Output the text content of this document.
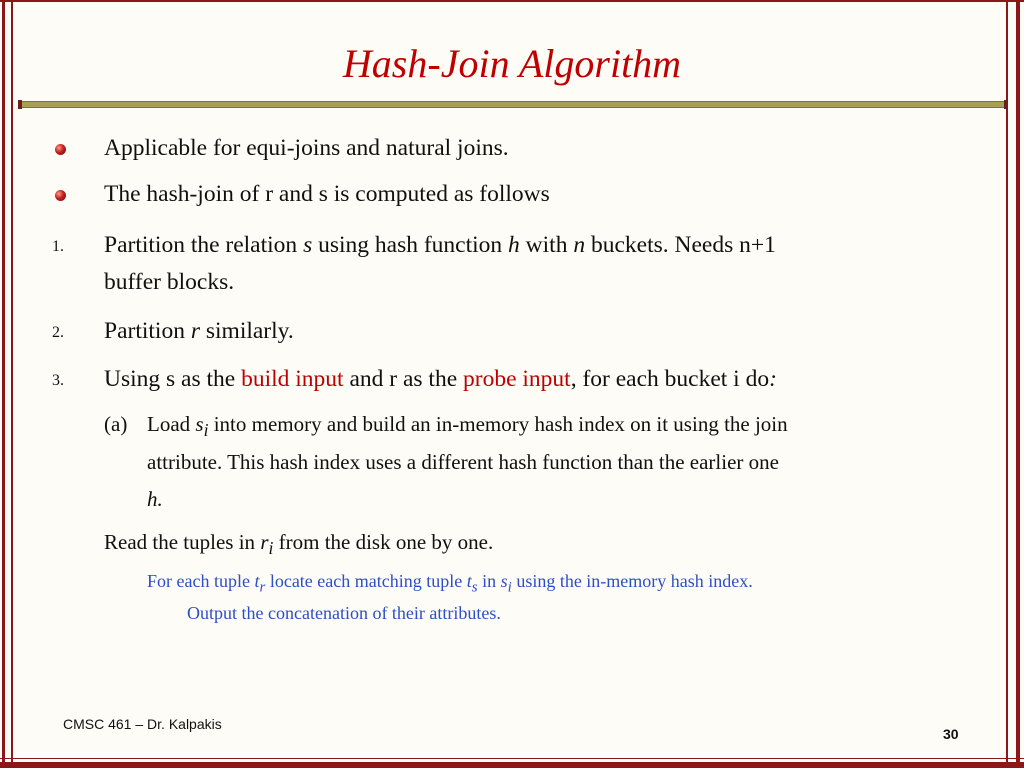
Hash-Join Algorithm

Applicable for equi-joins and natural joins.

The hash-join of r and s is computed as follows

1. Partition the relation s using hash function h with n buckets. Needs n+1

buffer blocks.

2. Partition r similarly.

3. Using s as the build input and r as the probe input, for each bucket i do:

(a) Load $s_i$ into memory and build an in-memory hash index on it using the join

attribute. This hash index uses a different hash function than the earlier one

h.

Read the tuples in $r_i$ from the disk one by one.

For each tuple $t_r$ locate each matching tuple $t_s$ in $s_i$ using the in-memory hash index.

Output the concatenation of their attributes.

CMSC 461 – Dr. Kalpakis
30
